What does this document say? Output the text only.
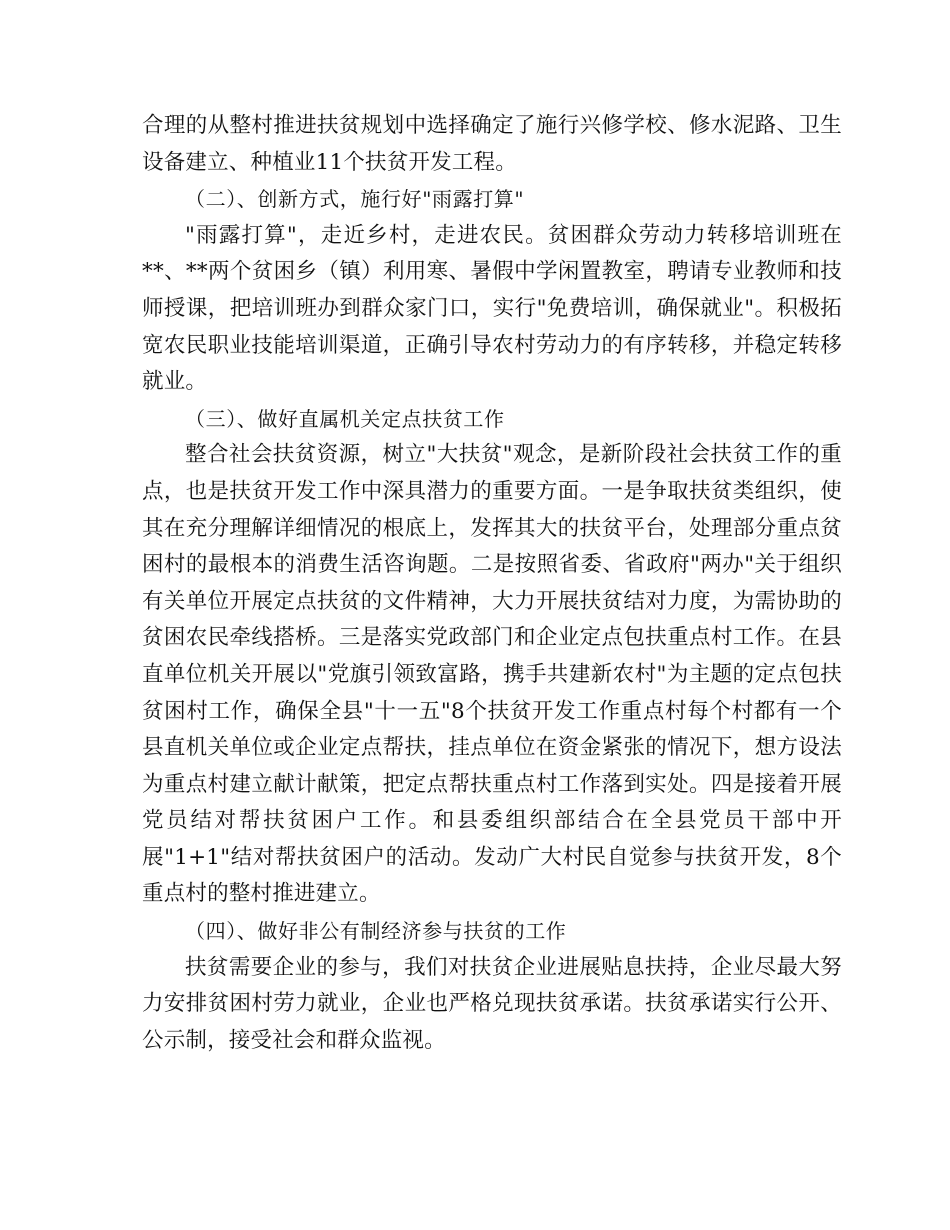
合理的从整村推进扶贫规划中选择确定了施行兴修学校、修水泥路、卫生设备建立、种植业11个扶贫开发工程。

（二）、创新方式，施行好"雨露打算"

"雨露打算"，走近乡村，走进农民。贫困群众劳动力转移培训班在**、**两个贫困乡（镇）利用寒、暑假中学闲置教室，聘请专业教师和技师授课，把培训班办到群众家门口，实行"免费培训，确保就业"。积极拓宽农民职业技能培训渠道，正确引导农村劳动力的有序转移，并稳定转移就业。

（三）、做好直属机关定点扶贫工作

整合社会扶贫资源，树立"大扶贫"观念，是新阶段社会扶贫工作的重点，也是扶贫开发工作中深具潜力的重要方面。一是争取扶贫类组织，使其在充分理解详细情况的根底上，发挥其大的扶贫平台，处理部分重点贫困村的最根本的消费生活咨询题。二是按照省委、省政府"两办"关于组织有关单位开展定点扶贫的文件精神，大力开展扶贫结对力度，为需协助的贫困农民牵线搭桥。三是落实党政部门和企业定点包扶重点村工作。在县直单位机关开展以"党旗引领致富路，携手共建新农村"为主题的定点包扶贫困村工作，确保全县"十一五"8个扶贫开发工作重点村每个村都有一个县直机关单位或企业定点帮扶，挂点单位在资金紧张的情况下，想方设法为重点村建立献计献策，把定点帮扶重点村工作落到实处。四是接着开展党员结对帮扶贫困户工作。和县委组织部结合在全县党员干部中开展"1+1"结对帮扶贫困户的活动。发动广大村民自觉参与扶贫开发，8个重点村的整村推进建立。

（四）、做好非公有制经济参与扶贫的工作

扶贫需要企业的参与，我们对扶贫企业进展贴息扶持，企业尽最大努力安排贫困村劳力就业，企业也严格兑现扶贫承诺。扶贫承诺实行公开、公示制，接受社会和群众监视。
